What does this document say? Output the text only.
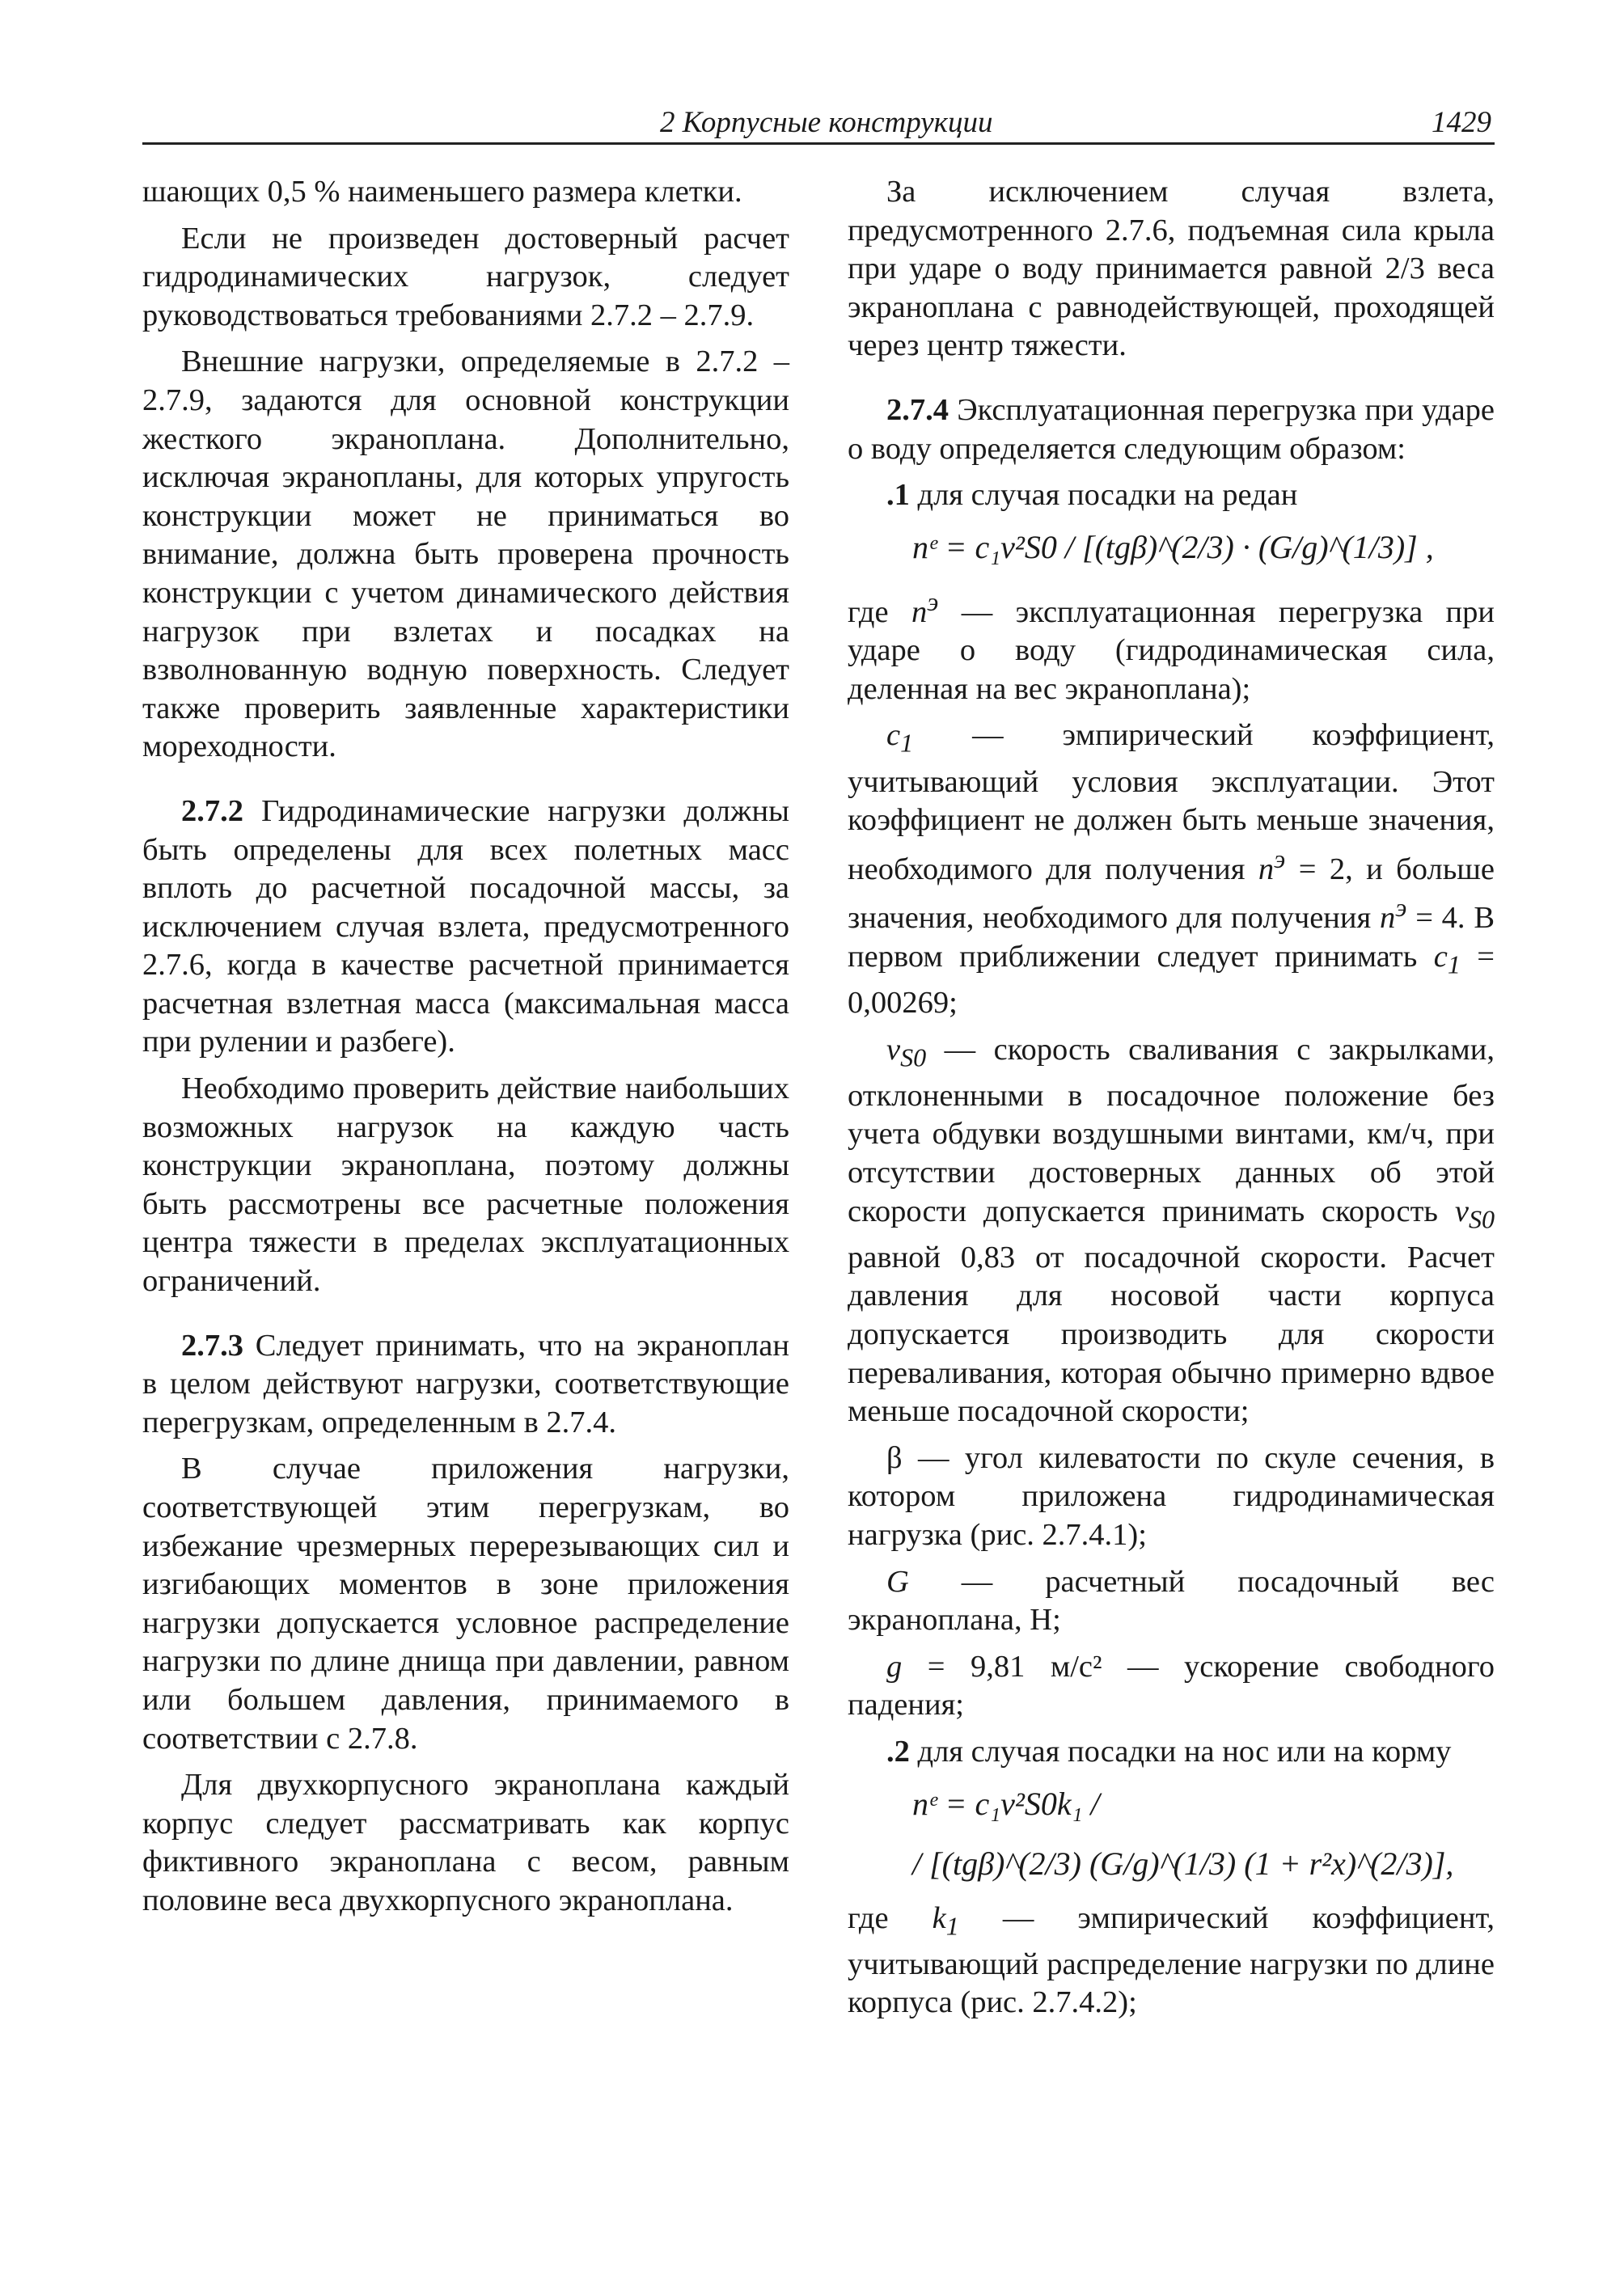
2 Корпусные конструкции	1429

шающих 0,5 % наименьшего размера клетки.

Если не произведен достоверный расчет гидродинамических нагрузок, следует руководствоваться требованиями 2.7.2 – 2.7.9.

Внешние нагрузки, определяемые в 2.7.2 – 2.7.9, задаются для основной конструкции жесткого экраноплана. Дополнительно, исключая экранопланы, для которых упругость конструкции может не приниматься во внимание, должна быть проверена прочность конструкции с учетом динамического действия нагрузок при взлетах и посадках на взволнованную водную поверхность. Следует также проверить заявленные характеристики мореходности.

2.7.2 Гидродинамические нагрузки должны быть определены для всех полетных масс вплоть до расчетной посадочной массы, за исключением случая взлета, предусмотренного 2.7.6, когда в качестве расчетной принимается расчетная взлетная масса (максимальная масса при рулении и разбеге).

Необходимо проверить действие наибольших возможных нагрузок на каждую часть конструкции экраноплана, поэтому должны быть рассмотрены все расчетные положения центра тяжести в пределах эксплуатационных ограничений.

2.7.3 Следует принимать, что на экраноплан в целом действуют нагрузки, соответствующие перегрузкам, определенным в 2.7.4.

В случае приложения нагрузки, соответствующей этим перегрузкам, во избежание чрезмерных перерезывающих сил и изгибающих моментов в зоне приложения нагрузки допускается условное распределение нагрузки по длине днища при давлении, равном или большем давления, принимаемого в соответствии с 2.7.8.

Для двухкорпусного экраноплана каждый корпус следует рассматривать как корпус фиктивного экраноплана с весом, равным половине веса двухкорпусного экраноплана.

За исключением случая взлета, предусмотренного 2.7.6, подъемная сила крыла при ударе о воду принимается равной 2/3 веса экраноплана с равнодействующей, проходящей через центр тяжести.

2.7.4 Эксплуатационная перегрузка при ударе о воду определяется следующим образом:

.1 для случая посадки на редан

nᵉ = c₁v²S0 / [(tgβ)^(2/3) · (G/g)^(1/3)] ,

где $n^э$ — эксплуатационная перегрузка при ударе о воду (гидродинамическая сила, деленная на вес экраноплана);

$c_1$ — эмпирический коэффициент, учитывающий условия эксплуатации. Этот коэффициент не должен быть меньше значения, необходимого для получения $n^э = 2$, и больше значения, необходимого для получения $n^э = 4$. В первом приближении следует принимать $c_1 = 0,00269$;

$v_{S0}$ — скорость сваливания с закрылками, отклоненными в посадочное положение без учета обдувки воздушными винтами, км/ч, при отсутствии достоверных данных об этой скорости допускается принимать скорость $v_{S0}$ равной 0,83 от посадочной скорости. Расчет давления для носовой части корпуса допускается производить для скорости переваливания, которая обычно примерно вдвое меньше посадочной скорости;

β — угол килеватости по скуле сечения, в котором приложена гидродинамическая нагрузка (рис. 2.7.4.1);

G — расчетный посадочный вес экраноплана, Н;

g = 9,81 м/с² — ускорение свободного падения;

.2 для случая посадки на нос или на корму

nᵉ = c₁v²S0k₁ /
/ [(tgβ)^(2/3) (G/g)^(1/3) (1 + r²x)^(2/3)],

где $k_1$ — эмпирический коэффициент, учитывающий распределение нагрузки по длине корпуса (рис. 2.7.4.2);
